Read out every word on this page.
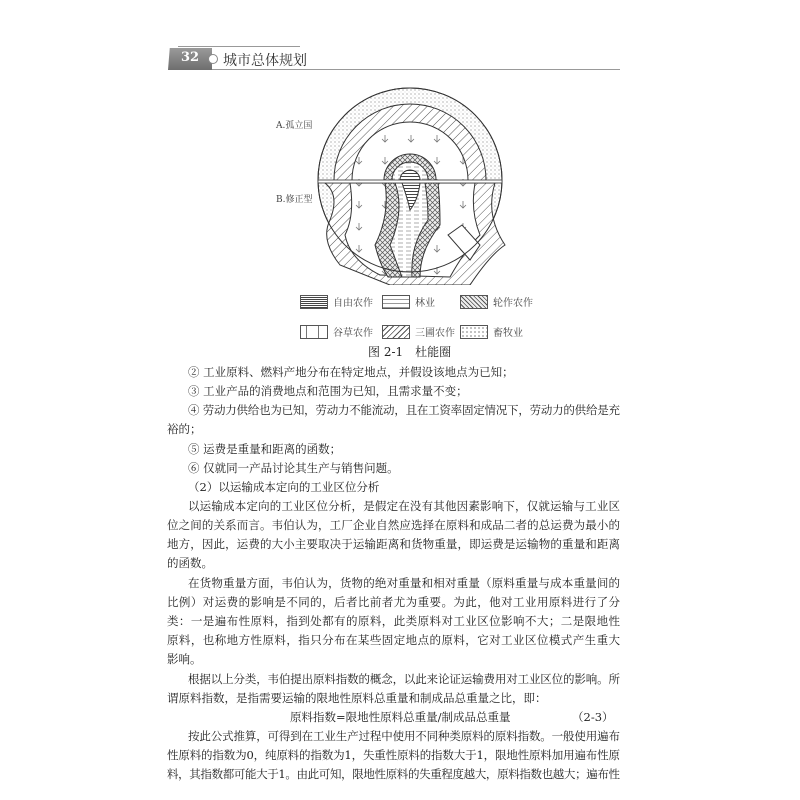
32 城市总体规划
A.孤立国
B.修正型
自由农作	林业	轮作农作
谷草农作	三圃农作	畜牧业
图 2-1　杜能圈
② 工业原料、燃料产地分布在特定地点，并假设该地点为已知；
③ 工业产品的消费地点和范围为已知，且需求量不变；
④ 劳动力供给也为已知，劳动力不能流动，且在工资率固定情况下，劳动力的供给是充
裕的；
⑤ 运费是重量和距离的函数；
⑥ 仅就同一产品讨论其生产与销售问题。
（2）以运输成本定向的工业区位分析
以运输成本定向的工业区位分析，是假定在没有其他因素影响下，仅就运输与工业区
位之间的关系而言。韦伯认为，工厂企业自然应选择在原料和成品二者的总运费为最小的
地方，因此，运费的大小主要取决于运输距离和货物重量，即运费是运输物的重量和距离
的函数。
在货物重量方面，韦伯认为，货物的绝对重量和相对重量（原料重量与成本重量间的
比例）对运费的影响是不同的，后者比前者尤为重要。为此，他对工业用原料进行了分
类：一是遍布性原料，指到处都有的原料，此类原料对工业区位影响不大；二是限地性
原料，也称地方性原料，指只分布在某些固定地点的原料，它对工业区位模式产生重大
影响。
根据以上分类，韦伯提出原料指数的概念，以此来论证运输费用对工业区位的影响。所
谓原料指数，是指需要运输的限地性原料总重量和制成品总重量之比，即：
原料指数=限地性原料总重量/制成品总重量	（2-3）
按此公式推算，可得到在工业生产过程中使用不同种类原料的原料指数。一般使用遍布
性原料的指数为0，纯原料的指数为1，失重性原料的指数大于1，限地性原料加用遍布性原
料，其指数都可能大于1。由此可知，限地性原料的失重程度越大，原料指数也越大；遍布性
